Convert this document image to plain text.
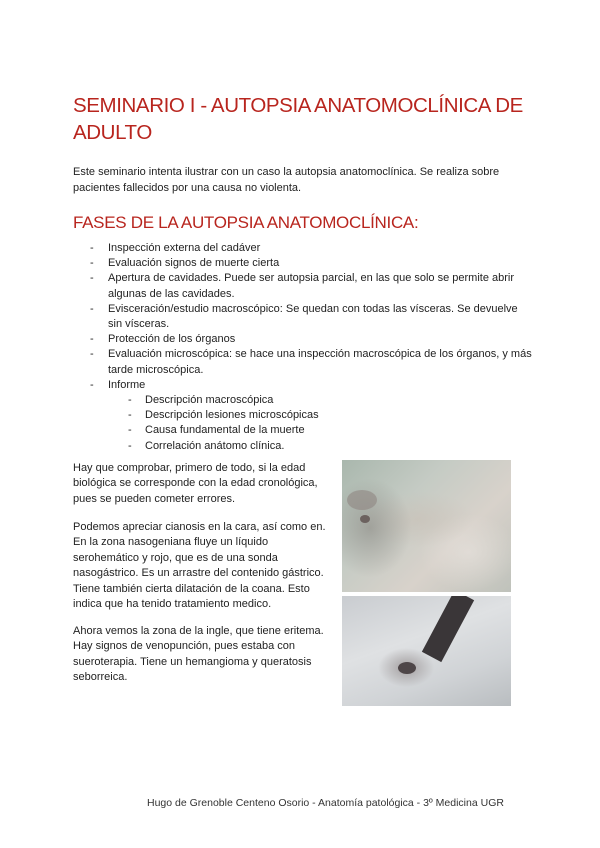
SEMINARIO I - AUTOPSIA ANATOMOCLÍNICA DE ADULTO

Este seminario intenta ilustrar con un caso la autopsia anatomoclínica. Se realiza sobre pacientes fallecidos por una causa no violenta.

FASES DE LA AUTOPSIA ANATOMOCLÍNICA:
- Inspección externa del cadáver
- Evaluación signos de muerte cierta
- Apertura de cavidades. Puede ser autopsia parcial, en las que solo se permite abrir algunas de las cavidades.
- Evisceración/estudio macroscópico: Se quedan con todas las vísceras. Se devuelve sin vísceras.
- Protección de los órganos
- Evaluación microscópica: se hace una inspección macroscópica de los órganos, y más tarde microscópica.
- Informe
- Descripción macroscópica
- Descripción lesiones microscópicas
- Causa fundamental de la muerte
- Correlación anátomo clínica.

Hay que comprobar, primero de todo, si la edad biológica se corresponde con la edad cronológica, pues se pueden cometer errores.

Podemos apreciar cianosis en la cara, así como en. En la zona nasogeniana fluye un líquido serohemático y rojo, que es de una sonda nasogástrico. Es un arrastre del contenido gástrico. Tiene también cierta dilatación de la coana. Esto indica que ha tenido tratamiento medico.

Ahora vemos la zona de la ingle, que tiene eritema. Hay signos de venopunción, pues estaba con sueroterapia. Tiene un hemangioma y queratosis seborreica.

Hugo de Grenoble Centeno Osorio - Anatomía patológica - 3º Medicina UGR
